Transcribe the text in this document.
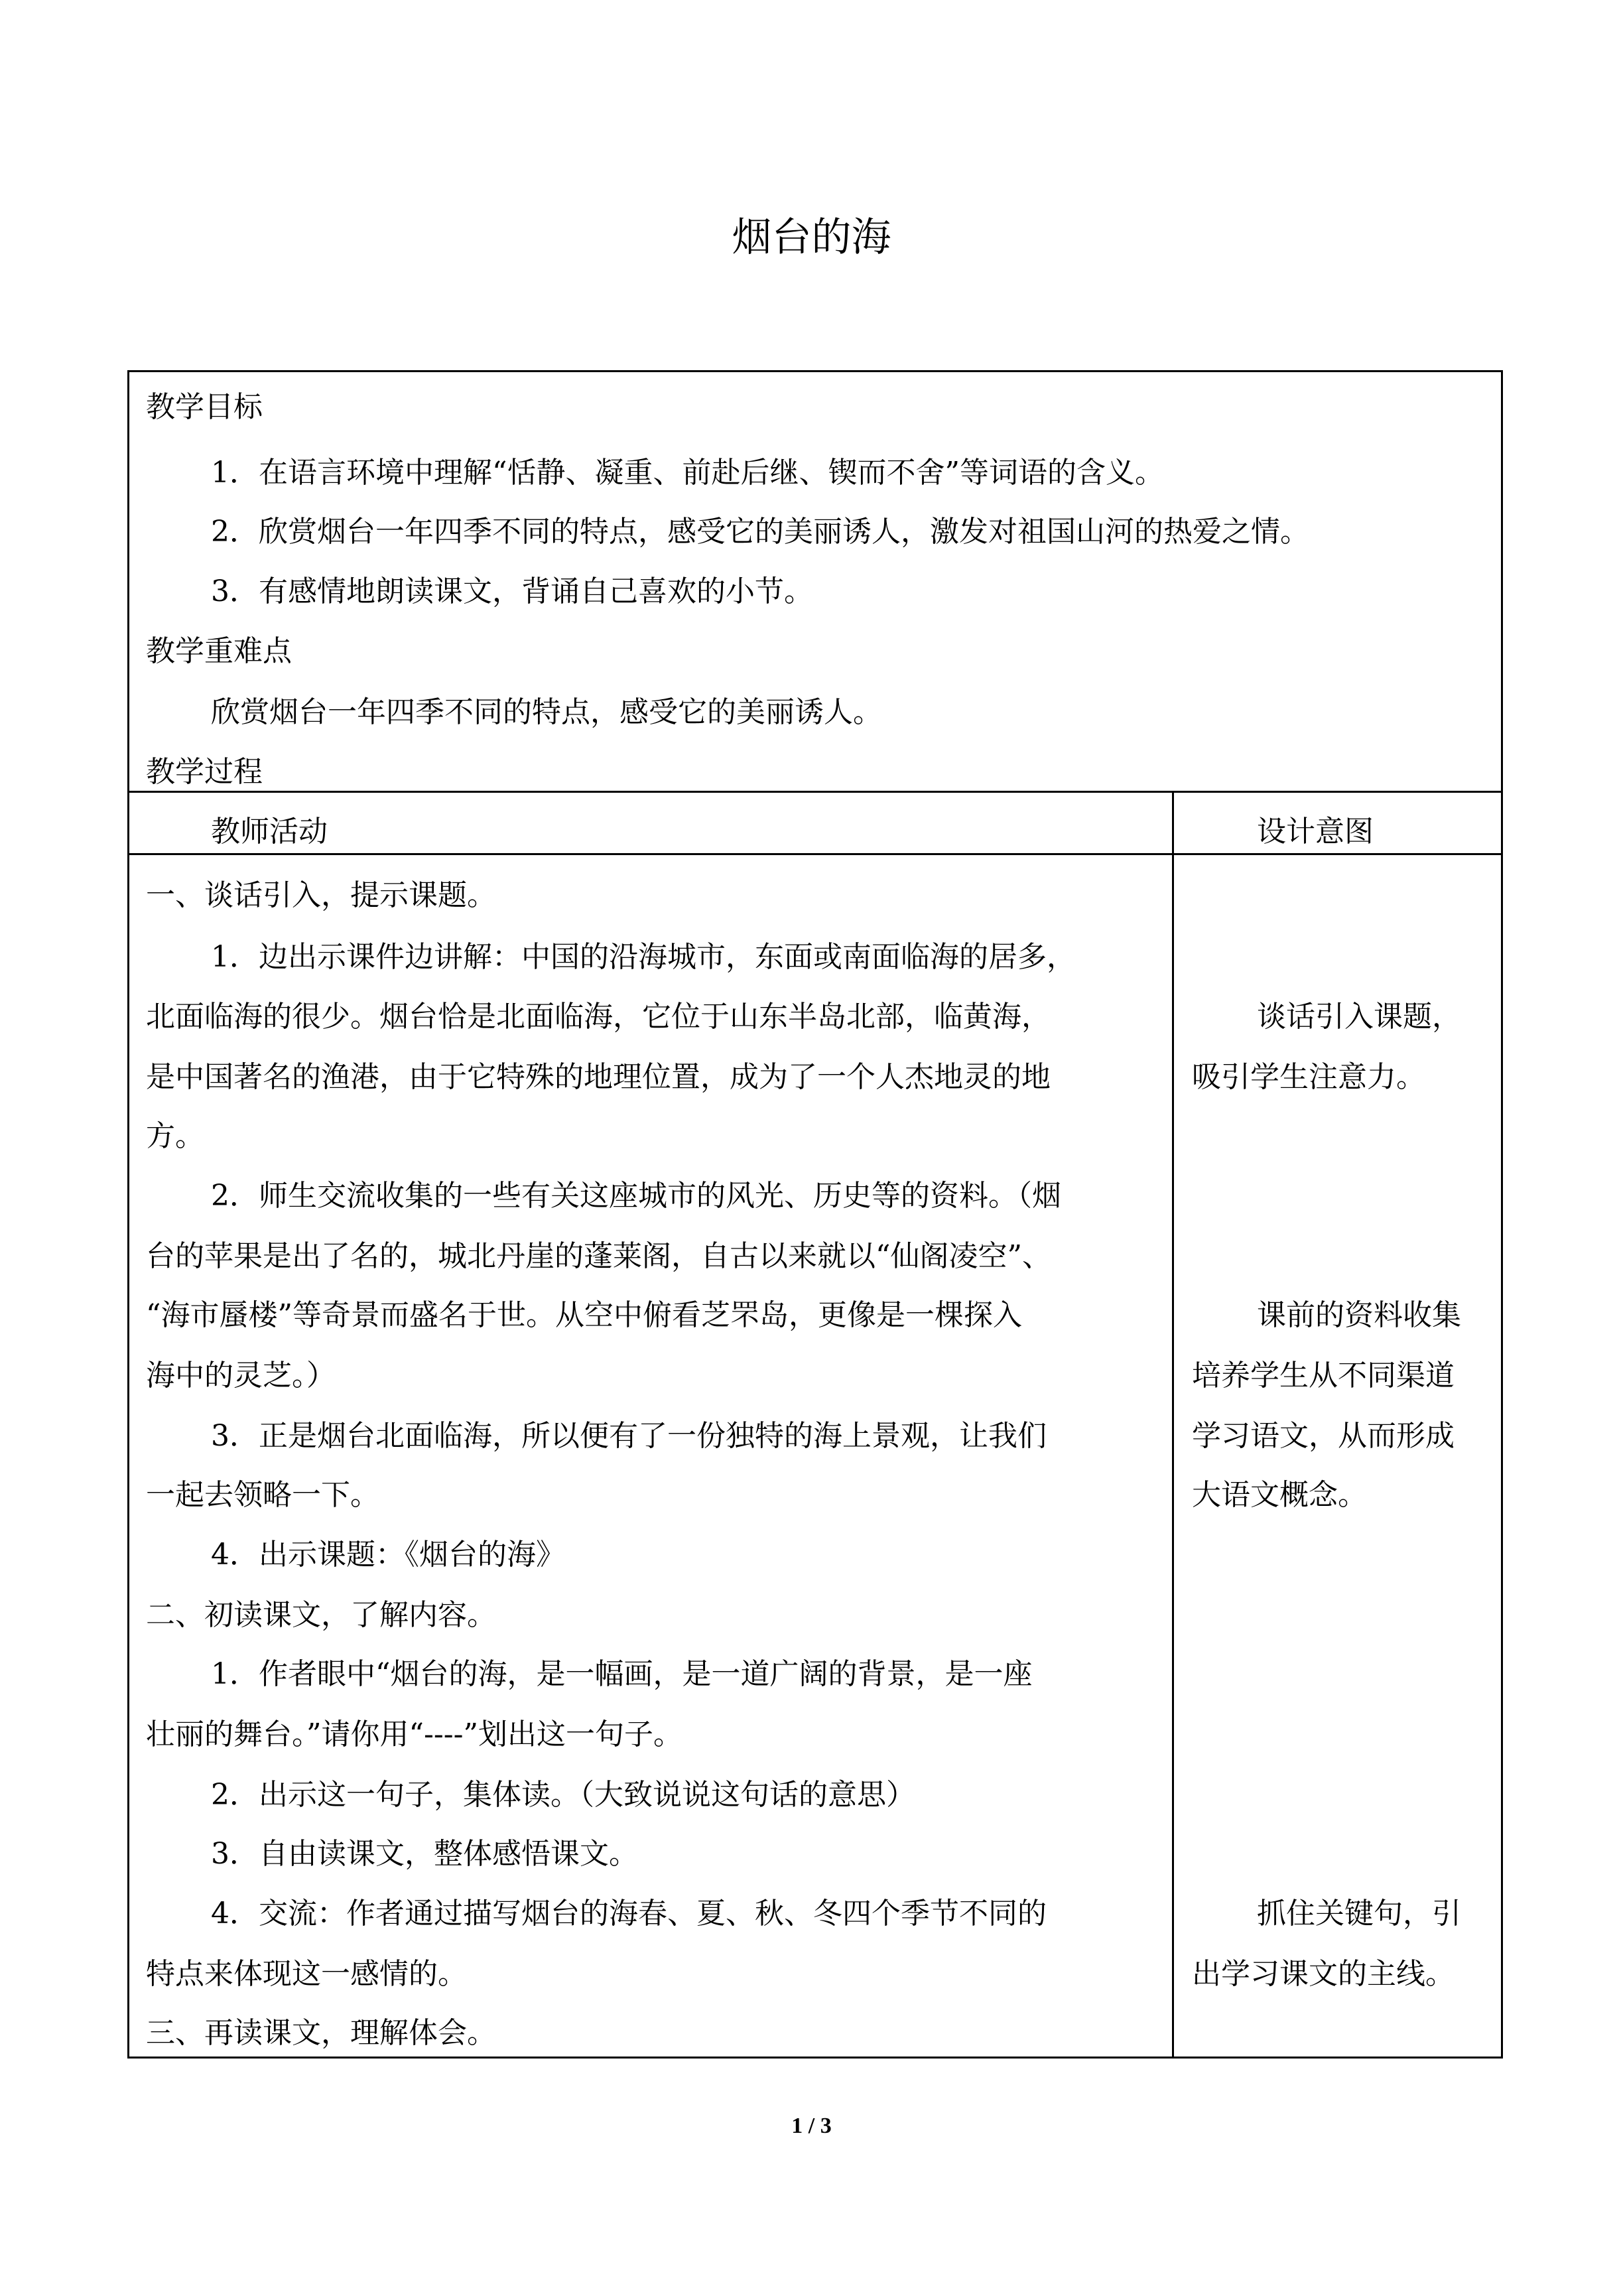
烟台的海
教学目标
1．在语言环境中理解“恬静、凝重、前赴后继、锲而不舍”等词语的含义。
2．欣赏烟台一年四季不同的特点，感受它的美丽诱人，激发对祖国山河的热爱之情。
3．有感情地朗读课文，背诵自己喜欢的小节。
教学重难点
欣赏烟台一年四季不同的特点，感受它的美丽诱人。
教学过程
教师活动	设计意图
一、谈话引入，提示课题。
1．边出示课件边讲解：中国的沿海城市，东面或南面临海的居多，
北面临海的很少。烟台恰是北面临海，它位于山东半岛北部，临黄海，
是中国著名的渔港，由于它特殊的地理位置，成为了一个人杰地灵的地
方。
2．师生交流收集的一些有关这座城市的风光、历史等的资料。（烟
台的苹果是出了名的，城北丹崖的蓬莱阁，自古以来就以“仙阁凌空”、
“海市蜃楼”等奇景而盛名于世。从空中俯看芝罘岛，更像是一棵探入
海中的灵芝。）
3．正是烟台北面临海，所以便有了一份独特的海上景观，让我们
一起去领略一下。
4．出示课题：《烟台的海》
二、初读课文，了解内容。
1．作者眼中“烟台的海，是一幅画，是一道广阔的背景，是一座
壮丽的舞台。”请你用“----”划出这一句子。
2．出示这一句子，集体读。（大致说说这句话的意思）
3．自由读课文，整体感悟课文。
4．交流：作者通过描写烟台的海春、夏、秋、冬四个季节不同的
特点来体现这一感情的。
三、再读课文，理解体会。
谈话引入课题，
吸引学生注意力。
课前的资料收集
培养学生从不同渠道
学习语文，从而形成
大语文概念。
抓住关键句，引
出学习课文的主线。
1 / 3
